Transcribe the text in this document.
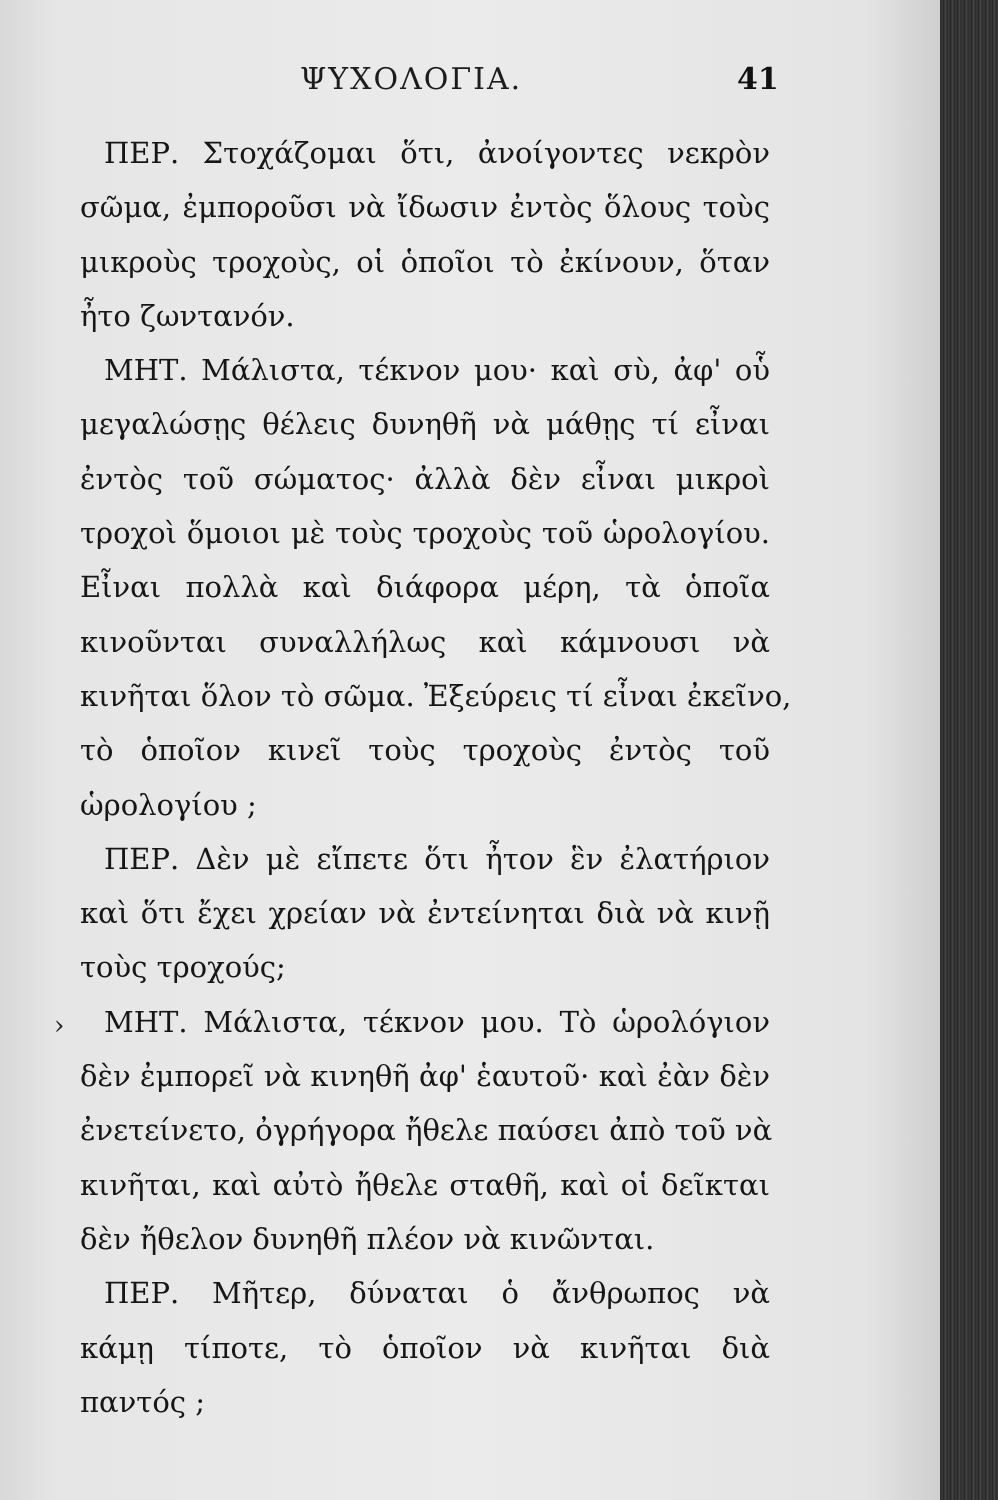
ΨΥΧΟΛΟΓΙΑ.	41
›
ΠΕΡ. Στοχάζομαι ὅτι, ἀνοίγοντες νεκρὸν
σῶμα, ἐμποροῦσι νὰ ἴδωσιν ἐντὸς ὅλους τοὺς
μικροὺς τροχοὺς, οἱ ὁποῖοι τὸ ἐκίνουν, ὅταν
ἦτο ζωντανόν.
ΜΗΤ. Μάλιστα, τέκνον μου· καὶ σὺ, ἀφ' οὗ
μεγαλώσῃς θέλεις δυνηθῆ νὰ μάθῃς τί εἶναι
ἐντὸς τοῦ σώματος· ἀλλὰ δὲν εἶναι μικροὶ
τροχοὶ ὅμοιοι μὲ τοὺς τροχοὺς τοῦ ὡρολογίου.
Εἶναι πολλὰ καὶ διάφορα μέρη, τὰ ὁποῖα
κινοῦνται συναλλήλως καὶ κάμνουσι νὰ
κινῆται ὅλον τὸ σῶμα. Ἐξεύρεις τί εἶναι ἐκεῖνο,
τὸ ὁποῖον κινεῖ τοὺς τροχοὺς ἐντὸς τοῦ
ὡρολογίου ;
ΠΕΡ. Δὲν μὲ εἴπετε ὅτι ἦτον ἓν ἐλατήριον
καὶ ὅτι ἔχει χρείαν νὰ ἐντείνηται διὰ νὰ κινῇ
τοὺς τροχούς;
ΜΗΤ. Μάλιστα, τέκνον μου. Τὸ ὡρολόγιον
δὲν ἐμπορεῖ νὰ κινηθῆ ἀφ' ἑαυτοῦ· καὶ ἐὰν δὲν
ἐνετείνετο, ὀγρήγορα ἤθελε παύσει ἀπὸ τοῦ νὰ
κινῆται, καὶ αὐτὸ ἤθελε σταθῆ, καὶ οἱ δεῖκται
δὲν ἤθελον δυνηθῆ πλέον νὰ κινῶνται.
ΠΕΡ. Μῆτερ, δύναται ὁ ἄνθρωπος νὰ
κάμῃ τίποτε, τὸ ὁποῖον νὰ κινῆται διὰ
παντός ;
